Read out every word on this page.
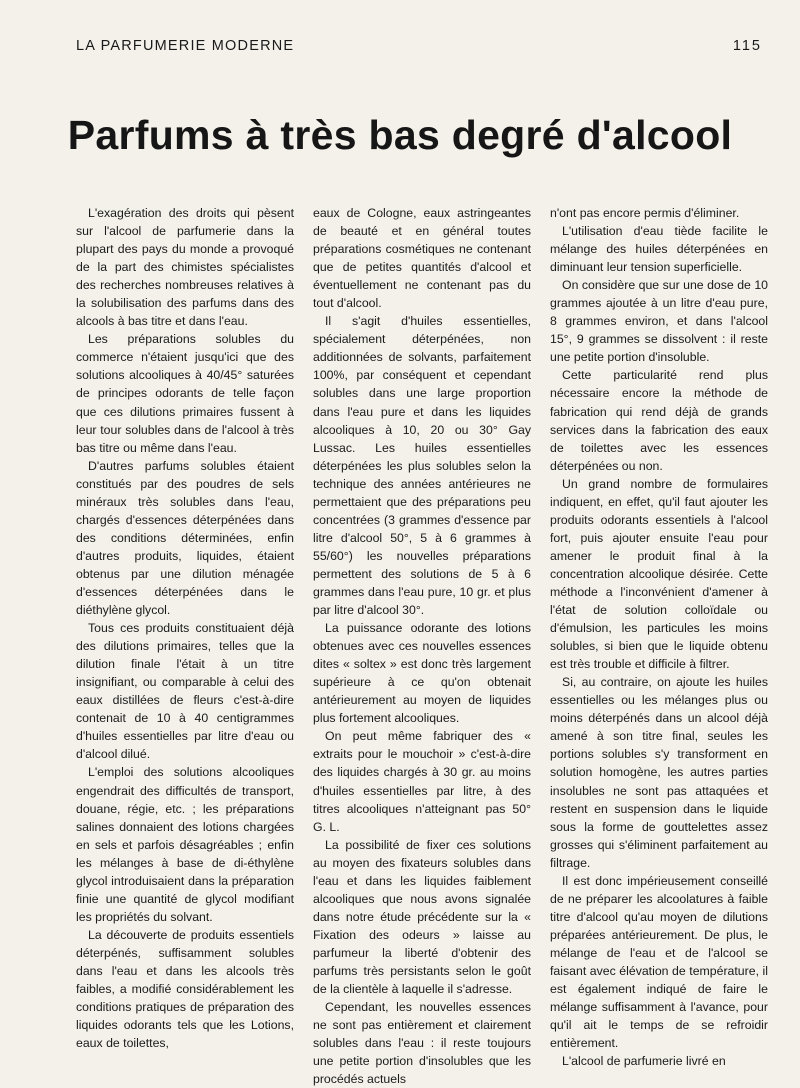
LA PARFUMERIE MODERNE	115
Parfums à très bas degré d'alcool

L'exagération des droits qui pèsent sur l'alcool de parfumerie dans la plupart des pays du monde a provoqué de la part des chimistes spécialistes des recherches nombreuses relatives à la solubilisation des parfums dans des alcools à bas titre et dans l'eau.

Les préparations solubles du commerce n'étaient jusqu'ici que des solutions alcooliques à 40/45° saturées de principes odorants de telle façon que ces dilutions primaires fussent à leur tour solubles dans de l'alcool à très bas titre ou même dans l'eau.

D'autres parfums solubles étaient constitués par des poudres de sels minéraux très solubles dans l'eau, chargés d'essences déterpénées dans des conditions déterminées, enfin d'autres produits, liquides, étaient obtenus par une dilution ménagée d'essences déterpénées dans le diéthylène glycol.

Tous ces produits constituaient déjà des dilutions primaires, telles que la dilution finale l'était à un titre insignifiant, ou comparable à celui des eaux distillées de fleurs c'est-à-dire contenait de 10 à 40 centigrammes d'huiles essentielles par litre d'eau ou d'alcool dilué.

L'emploi des solutions alcooliques engendrait des difficultés de transport, douane, régie, etc. ; les préparations salines donnaient des lotions chargées en sels et parfois désagréables ; enfin les mélanges à base de di-éthylène glycol introduisaient dans la préparation finie une quantité de glycol modifiant les propriétés du solvant.

La découverte de produits essentiels déterpénés, suffisamment solubles dans l'eau et dans les alcools très faibles, a modifié considérablement les conditions pratiques de préparation des liquides odorants tels que les Lotions, eaux de toilettes,

eaux de Cologne, eaux astringeantes de beauté et en général toutes préparations cosmétiques ne contenant que de petites quantités d'alcool et éventuellement ne contenant pas du tout d'alcool.

Il s'agit d'huiles essentielles, spécialement déterpénées, non additionnées de solvants, parfaitement 100%, par conséquent et cependant solubles dans une large proportion dans l'eau pure et dans les liquides alcooliques à 10, 20 ou 30° Gay Lussac. Les huiles essentielles déterpénées les plus solubles selon la technique des années antérieures ne permettaient que des préparations peu concentrées (3 grammes d'essence par litre d'alcool 50°, 5 à 6 grammes à 55/60°) les nouvelles préparations permettent des solutions de 5 à 6 grammes dans l'eau pure, 10 gr. et plus par litre d'alcool 30°.

La puissance odorante des lotions obtenues avec ces nouvelles essences dites « soltex » est donc très largement supérieure à ce qu'on obtenait antérieurement au moyen de liquides plus fortement alcooliques.

On peut même fabriquer des « extraits pour le mouchoir » c'est-à-dire des liquides chargés à 30 gr. au moins d'huiles essentielles par litre, à des titres alcooliques n'atteignant pas 50° G. L.

La possibilité de fixer ces solutions au moyen des fixateurs solubles dans l'eau et dans les liquides faiblement alcooliques que nous avons signalée dans notre étude précédente sur la « Fixation des odeurs » laisse au parfumeur la liberté d'obtenir des parfums très persistants selon le goût de la clientèle à laquelle il s'adresse.

Cependant, les nouvelles essences ne sont pas entièrement et clairement solubles dans l'eau : il reste toujours une petite portion d'insolubles que les procédés actuels

n'ont pas encore permis d'éliminer.

L'utilisation d'eau tiède facilite le mélange des huiles déterpénées en diminuant leur tension superficielle.

On considère que sur une dose de 10 grammes ajoutée à un litre d'eau pure, 8 grammes environ, et dans l'alcool 15°, 9 grammes se dissolvent : il reste une petite portion d'insoluble.

Cette particularité rend plus nécessaire encore la méthode de fabrication qui rend déjà de grands services dans la fabrication des eaux de toilettes avec les essences déterpénées ou non.

Un grand nombre de formulaires indiquent, en effet, qu'il faut ajouter les produits odorants essentiels à l'alcool fort, puis ajouter ensuite l'eau pour amener le produit final à la concentration alcoolique désirée. Cette méthode a l'inconvénient d'amener à l'état de solution colloïdale ou d'émulsion, les particules les moins solubles, si bien que le liquide obtenu est très trouble et difficile à filtrer.

Si, au contraire, on ajoute les huiles essentielles ou les mélanges plus ou moins déterpénés dans un alcool déjà amené à son titre final, seules les portions solubles s'y transforment en solution homogène, les autres parties insolubles ne sont pas attaquées et restent en suspension dans le liquide sous la forme de gouttelettes assez grosses qui s'éliminent parfaitement au filtrage.

Il est donc impérieusement conseillé de ne préparer les alcoolatures à faible titre d'alcool qu'au moyen de dilutions préparées antérieurement. De plus, le mélange de l'eau et de l'alcool se faisant avec élévation de température, il est également indiqué de faire le mélange suffisamment à l'avance, pour qu'il ait le temps de se refroidir entièrement.

L'alcool de parfumerie livré en
